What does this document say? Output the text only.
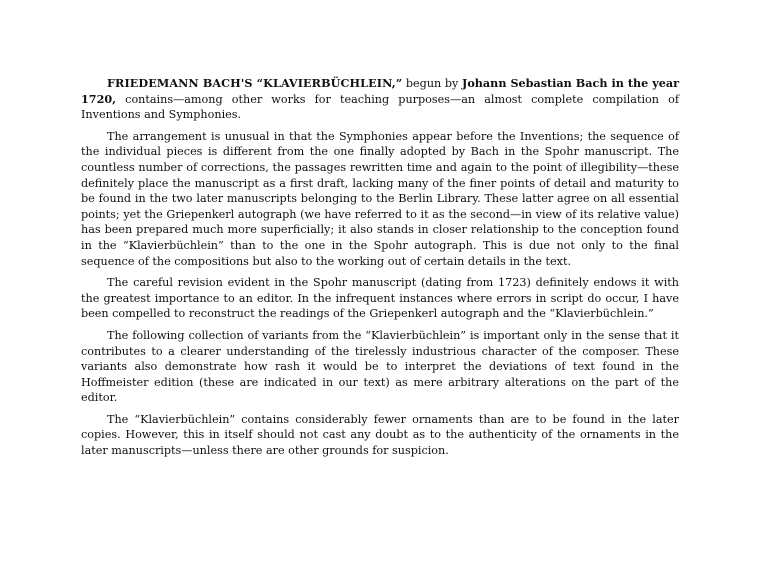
FRIEDEMANN BACH'S “KLAVIERBÜCHLEIN,” begun by Johann Sebastian Bach in the year 1720, contains—among other works for teaching purposes—an almost complete compilation of Inventions and Symphonies.

The arrangement is unusual in that the Symphonies appear before the Inventions; the sequence of the individual pieces is different from the one finally adopted by Bach in the Spohr manuscript. The countless number of corrections, the passages rewritten time and again to the point of illegibility—these definitely place the manuscript as a first draft, lacking many of the finer points of detail and maturity to be found in the two later manuscripts belonging to the Berlin Library. These latter agree on all essential points; yet the Griepenkerl autograph (we have referred to it as the second—in view of its relative value) has been prepared much more superficially; it also stands in closer relationship to the conception found in the “Klavierbüchlein” than to the one in the Spohr autograph. This is due not only to the final sequence of the compositions but also to the working out of certain details in the text.

The careful revision evident in the Spohr manuscript (dating from 1723) definitely endows it with the greatest importance to an editor. In the infrequent instances where errors in script do occur, I have been compelled to reconstruct the readings of the Griepenkerl autograph and the “Klavierbüchlein.”

The following collection of variants from the “Klavierbüchlein” is important only in the sense that it contributes to a clearer understanding of the tirelessly industrious character of the composer. These variants also demonstrate how rash it would be to interpret the deviations of text found in the Hoffmeister edition (these are indicated in our text) as mere arbitrary alterations on the part of the editor.

The “Klavierbüchlein” contains considerably fewer ornaments than are to be found in the later copies. However, this in itself should not cast any doubt as to the authenticity of the ornaments in the later manuscripts—unless there are other grounds for suspicion.
